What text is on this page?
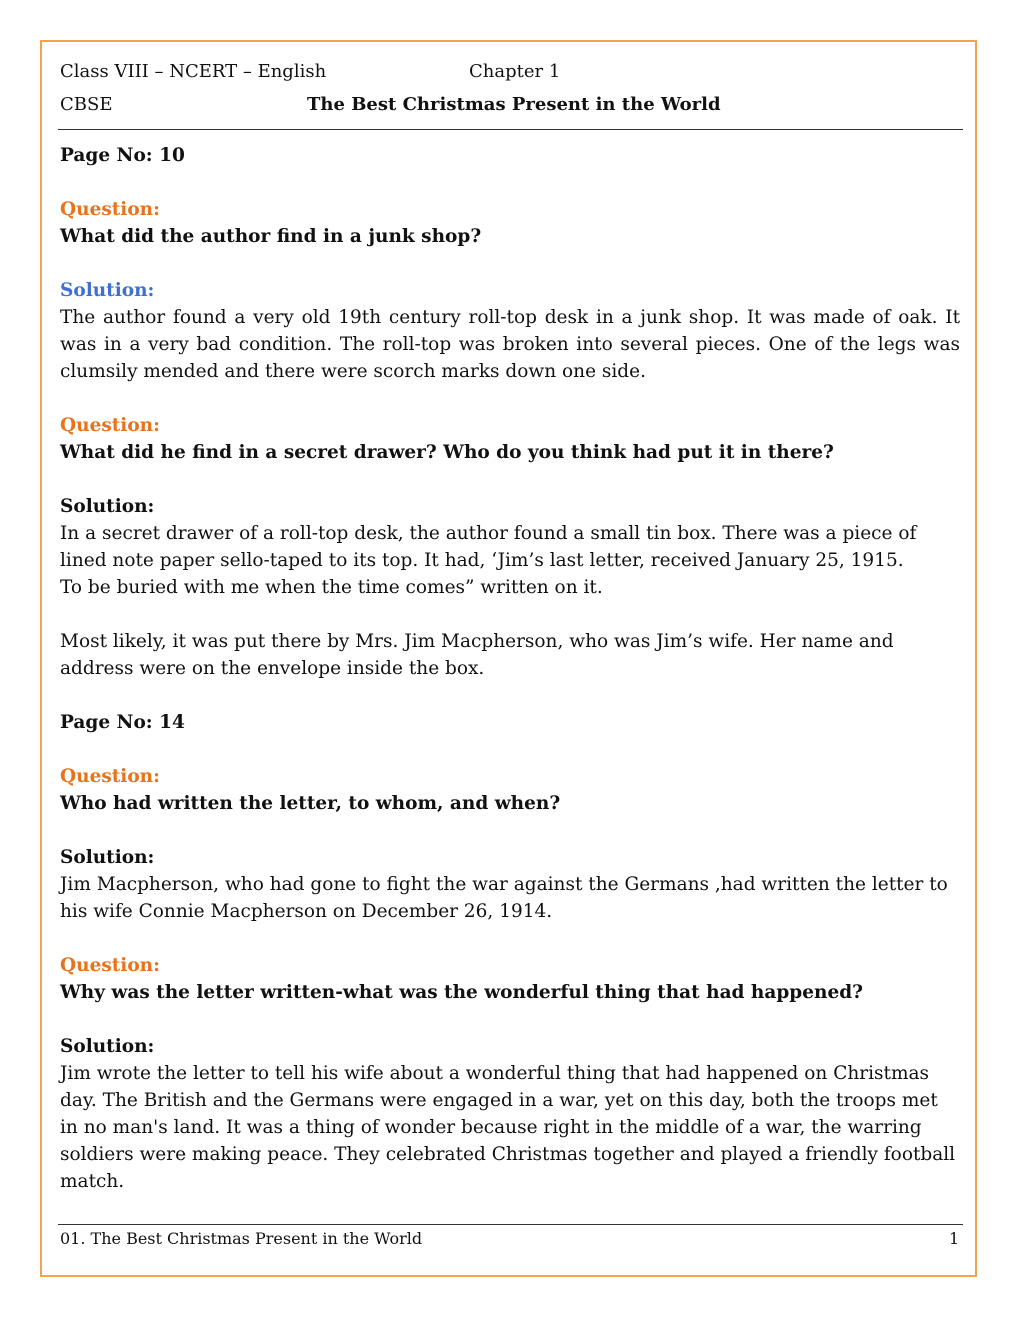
Class VIII – NCERT – English	Chapter 1
CBSE	The Best Christmas Present in the World

Page No: 10

Question:

What did the author find in a junk shop?

Solution:

The author found a very old 19th century roll-top desk in a junk shop. It was made of oak. It was in a very bad condition. The roll-top was broken into several pieces. One of the legs was clumsily mended and there were scorch marks down one side.

Question:

What did he find in a secret drawer? Who do you think had put it in there?

Solution:

In a secret drawer of a roll-top desk, the author found a small tin box. There was a piece of lined note paper sello-taped to its top. It had, ‘Jim’s last letter, received January 25, 1915.

To be buried with me when the time comes” written on it.

Most likely, it was put there by Mrs. Jim Macpherson, who was Jim’s wife. Her name and address were on the envelope inside the box.

Page No: 14

Question:

Who had written the letter, to whom, and when?

Solution:

Jim Macpherson, who had gone to fight the war against the Germans ,had written the letter to his wife Connie Macpherson on December 26, 1914.

Question:

Why was the letter written-what was the wonderful thing that had happened?

Solution:

Jim wrote the letter to tell his wife about a wonderful thing that had happened on Christmas day. The British and the Germans were engaged in a war, yet on this day, both the troops met in no man's land. It was a thing of wonder because right in the middle of a war, the warring soldiers were making peace. They celebrated Christmas together and played a friendly football match.

01. The Best Christmas Present in the World	1
